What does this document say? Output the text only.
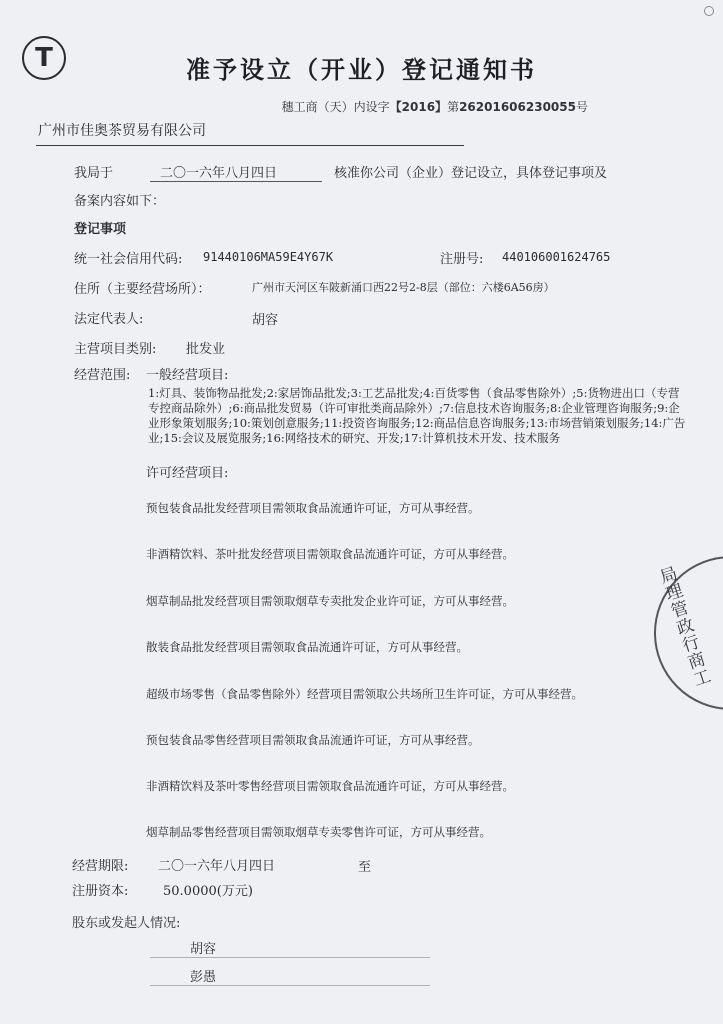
T	准予设立（开业）登记通知书
穗工商（天）内设字【2016】第26201606230055号
广州市佳奥茶贸易有限公司
我局于	二〇一六年八月四日	核准你公司（企业）登记设立，具体登记事项及
备案内容如下：
登记事项
统一社会信用代码: 91440106MA59E4Y67K	注册号: 440106001624765
住所（主要经营场所）：	广州市天河区车陂新涌口西22号2-8层（部位：六楼6A56房）
法定代表人:	胡容
主营项目类别: 批发业
经营范围: 一般经营项目:
1:灯具、装饰物品批发;2:家居饰品批发;3:工艺品批发;4:百货零售（食品零售除外）;5:货物进出口（专营专控商品除外）;6:商品批发贸易（许可审批类商品除外）;7:信息技术咨询服务;8:企业管理咨询服务;9:企业形象策划服务;10:策划创意服务;11:投资咨询服务;12:商品信息咨询服务;13:市场营销策划服务;14:广告业;15:会议及展览服务;16:网络技术的研究、开发;17:计算机技术开发、技术服务
许可经营项目:
预包装食品批发经营项目需领取食品流通许可证，方可从事经营。
非酒精饮料、茶叶批发经营项目需领取食品流通许可证，方可从事经营。
烟草制品批发经营项目需领取烟草专卖批发企业许可证，方可从事经营。
散装食品批发经营项目需领取食品流通许可证，方可从事经营。
超级市场零售（食品零售除外）经营项目需领取公共场所卫生许可证，方可从事经营。
预包装食品零售经营项目需领取食品流通许可证，方可从事经营。
非酒精饮料及茶叶零售经营项目需领取食品流通许可证，方可从事经营。
烟草制品零售经营项目需领取烟草专卖零售许可证，方可从事经营。
经营期限: 二〇一六年八月四日	至
注册资本:	50.0000(万元)
股东或发起人情况:
胡容
彭愚
局
理
管
政
行
商
工
